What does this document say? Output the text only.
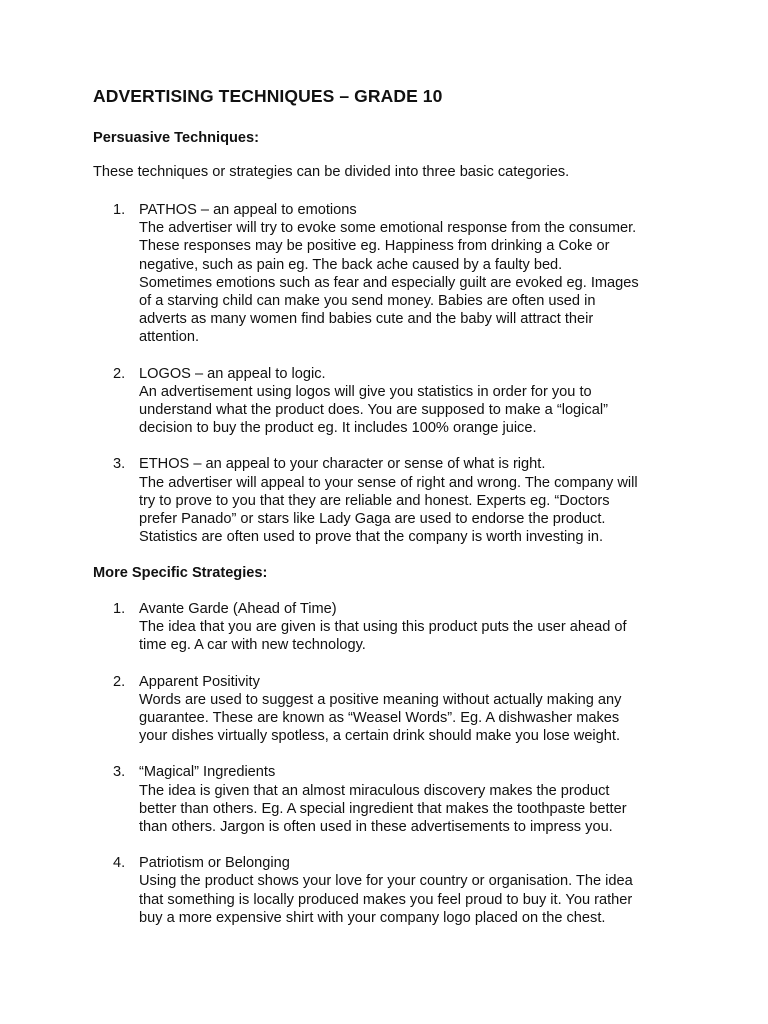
ADVERTISING TECHNIQUES – GRADE 10
Persuasive Techniques:

These techniques or strategies can be divided into three basic categories.

1. PATHOS – an appeal to emotions
The advertiser will try to evoke some emotional response from the consumer.
These responses may be positive eg. Happiness from drinking a Coke or
negative, such as pain eg. The back ache caused by a faulty bed.
Sometimes emotions such as fear and especially guilt are evoked eg. Images
of a starving child can make you send money. Babies are often used in
adverts as many women find babies cute and the baby will attract their
attention.
2. LOGOS – an appeal to logic.
An advertisement using logos will give you statistics in order for you to
understand what the product does. You are supposed to make a “logical”
decision to buy the product eg. It includes 100% orange juice.
3. ETHOS – an appeal to your character or sense of what is right.
The advertiser will appeal to your sense of right and wrong. The company will
try to prove to you that they are reliable and honest. Experts eg. “Doctors
prefer Panado” or stars like Lady Gaga are used to endorse the product.
Statistics are often used to prove that the company is worth investing in.
More Specific Strategies:
1. Avante Garde (Ahead of Time)
The idea that you are given is that using this product puts the user ahead of
time eg. A car with new technology.
2. Apparent Positivity
Words are used to suggest a positive meaning without actually making any
guarantee. These are known as “Weasel Words”. Eg. A dishwasher makes
your dishes virtually spotless, a certain drink should make you lose weight.
3. “Magical” Ingredients
The idea is given that an almost miraculous discovery makes the product
better than others. Eg. A special ingredient that makes the toothpaste better
than others. Jargon is often used in these advertisements to impress you.
4. Patriotism or Belonging
Using the product shows your love for your country or organisation. The idea
that something is locally produced makes you feel proud to buy it. You rather
buy a more expensive shirt with your company logo placed on the chest.
